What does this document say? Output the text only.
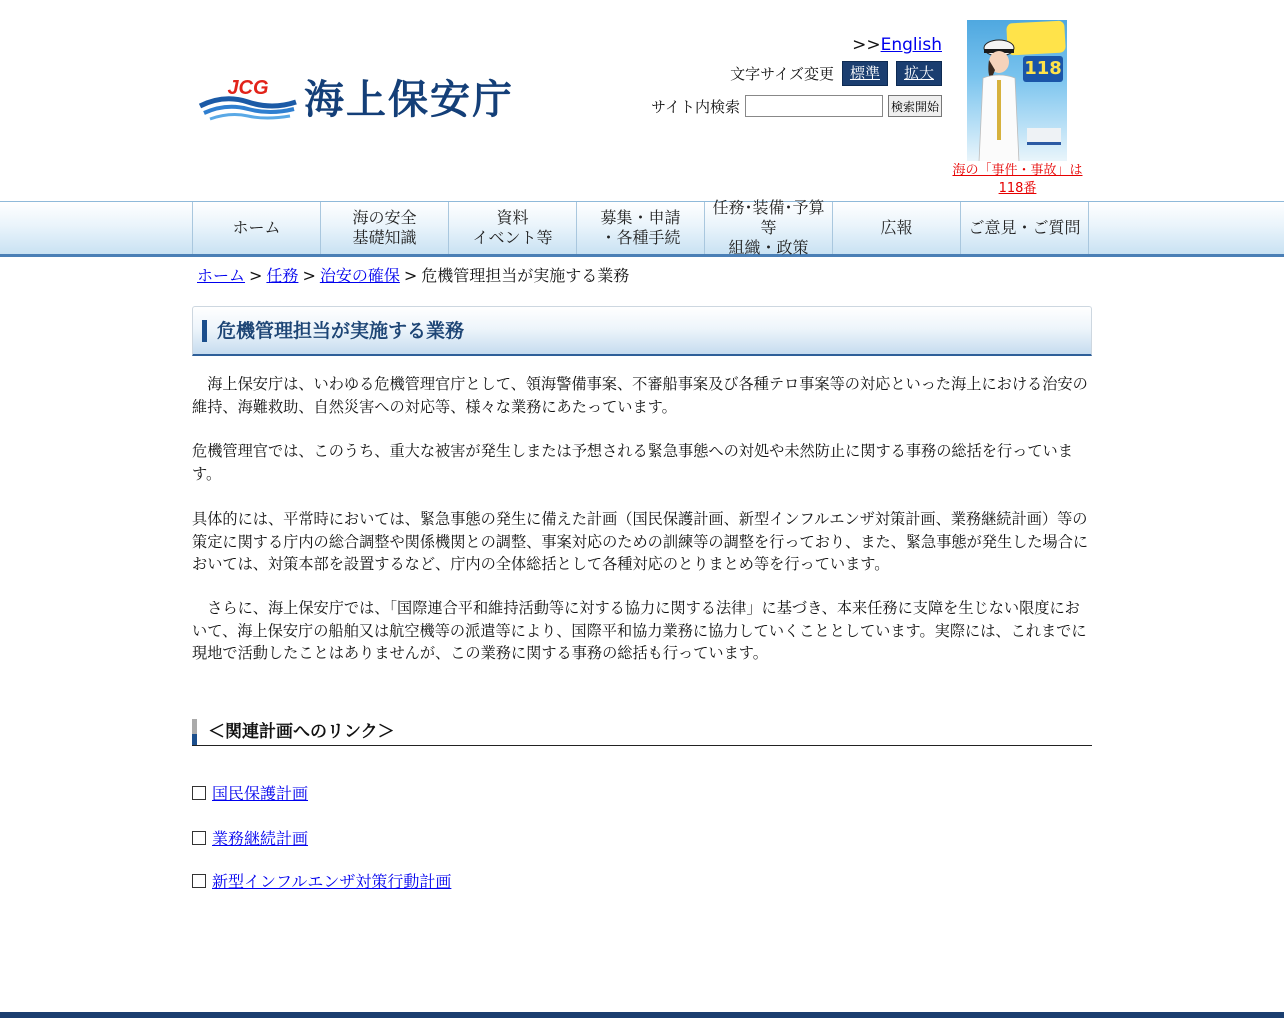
JCG 海上保安庁
>>English
文字サイズ変更	標準	拡大
サイト内検索	検索開始
118
海の「事件・事故」は118番
ホーム
海の安全
基礎知識
資料
イベント等
募集・申請
・各種手続
任務･装備･予算等
組織・政策
広報	ご意見・ご質問
ホーム > 任務 > 治安の確保 > 危機管理担当が実施する業務
危機管理担当が実施する業務

　海上保安庁は、いわゆる危機管理官庁として、領海警備事案、不審船事案及び各種テロ事案等の対応といった海上における治安の維持、海難救助、自然災害への対応等、様々な業務にあたっています。

危機管理官では、このうち、重大な被害が発生しまたは予想される緊急事態への対処や未然防止に関する事務の総括を行っています。

具体的には、平常時においては、緊急事態の発生に備えた計画（国民保護計画、新型インフルエンザ対策計画、業務継続計画）等の策定に関する庁内の総合調整や関係機関との調整、事案対応のための訓練等の調整を行っており、また、緊急事態が発生した場合においては、対策本部を設置するなど、庁内の全体総括として各種対応のとりまとめ等を行っています。

　さらに、海上保安庁では、「国際連合平和維持活動等に対する協力に関する法律」に基づき、本来任務に支障を生じない限度において、海上保安庁の船舶又は航空機等の派遣等により、国際平和協力業務に協力していくこととしています。実際には、これまでに現地で活動したことはありませんが、この業務に関する事務の総括も行っています。

＜関連計画へのリンク＞
国民保護計画
業務継続計画
新型インフルエンザ対策行動計画
